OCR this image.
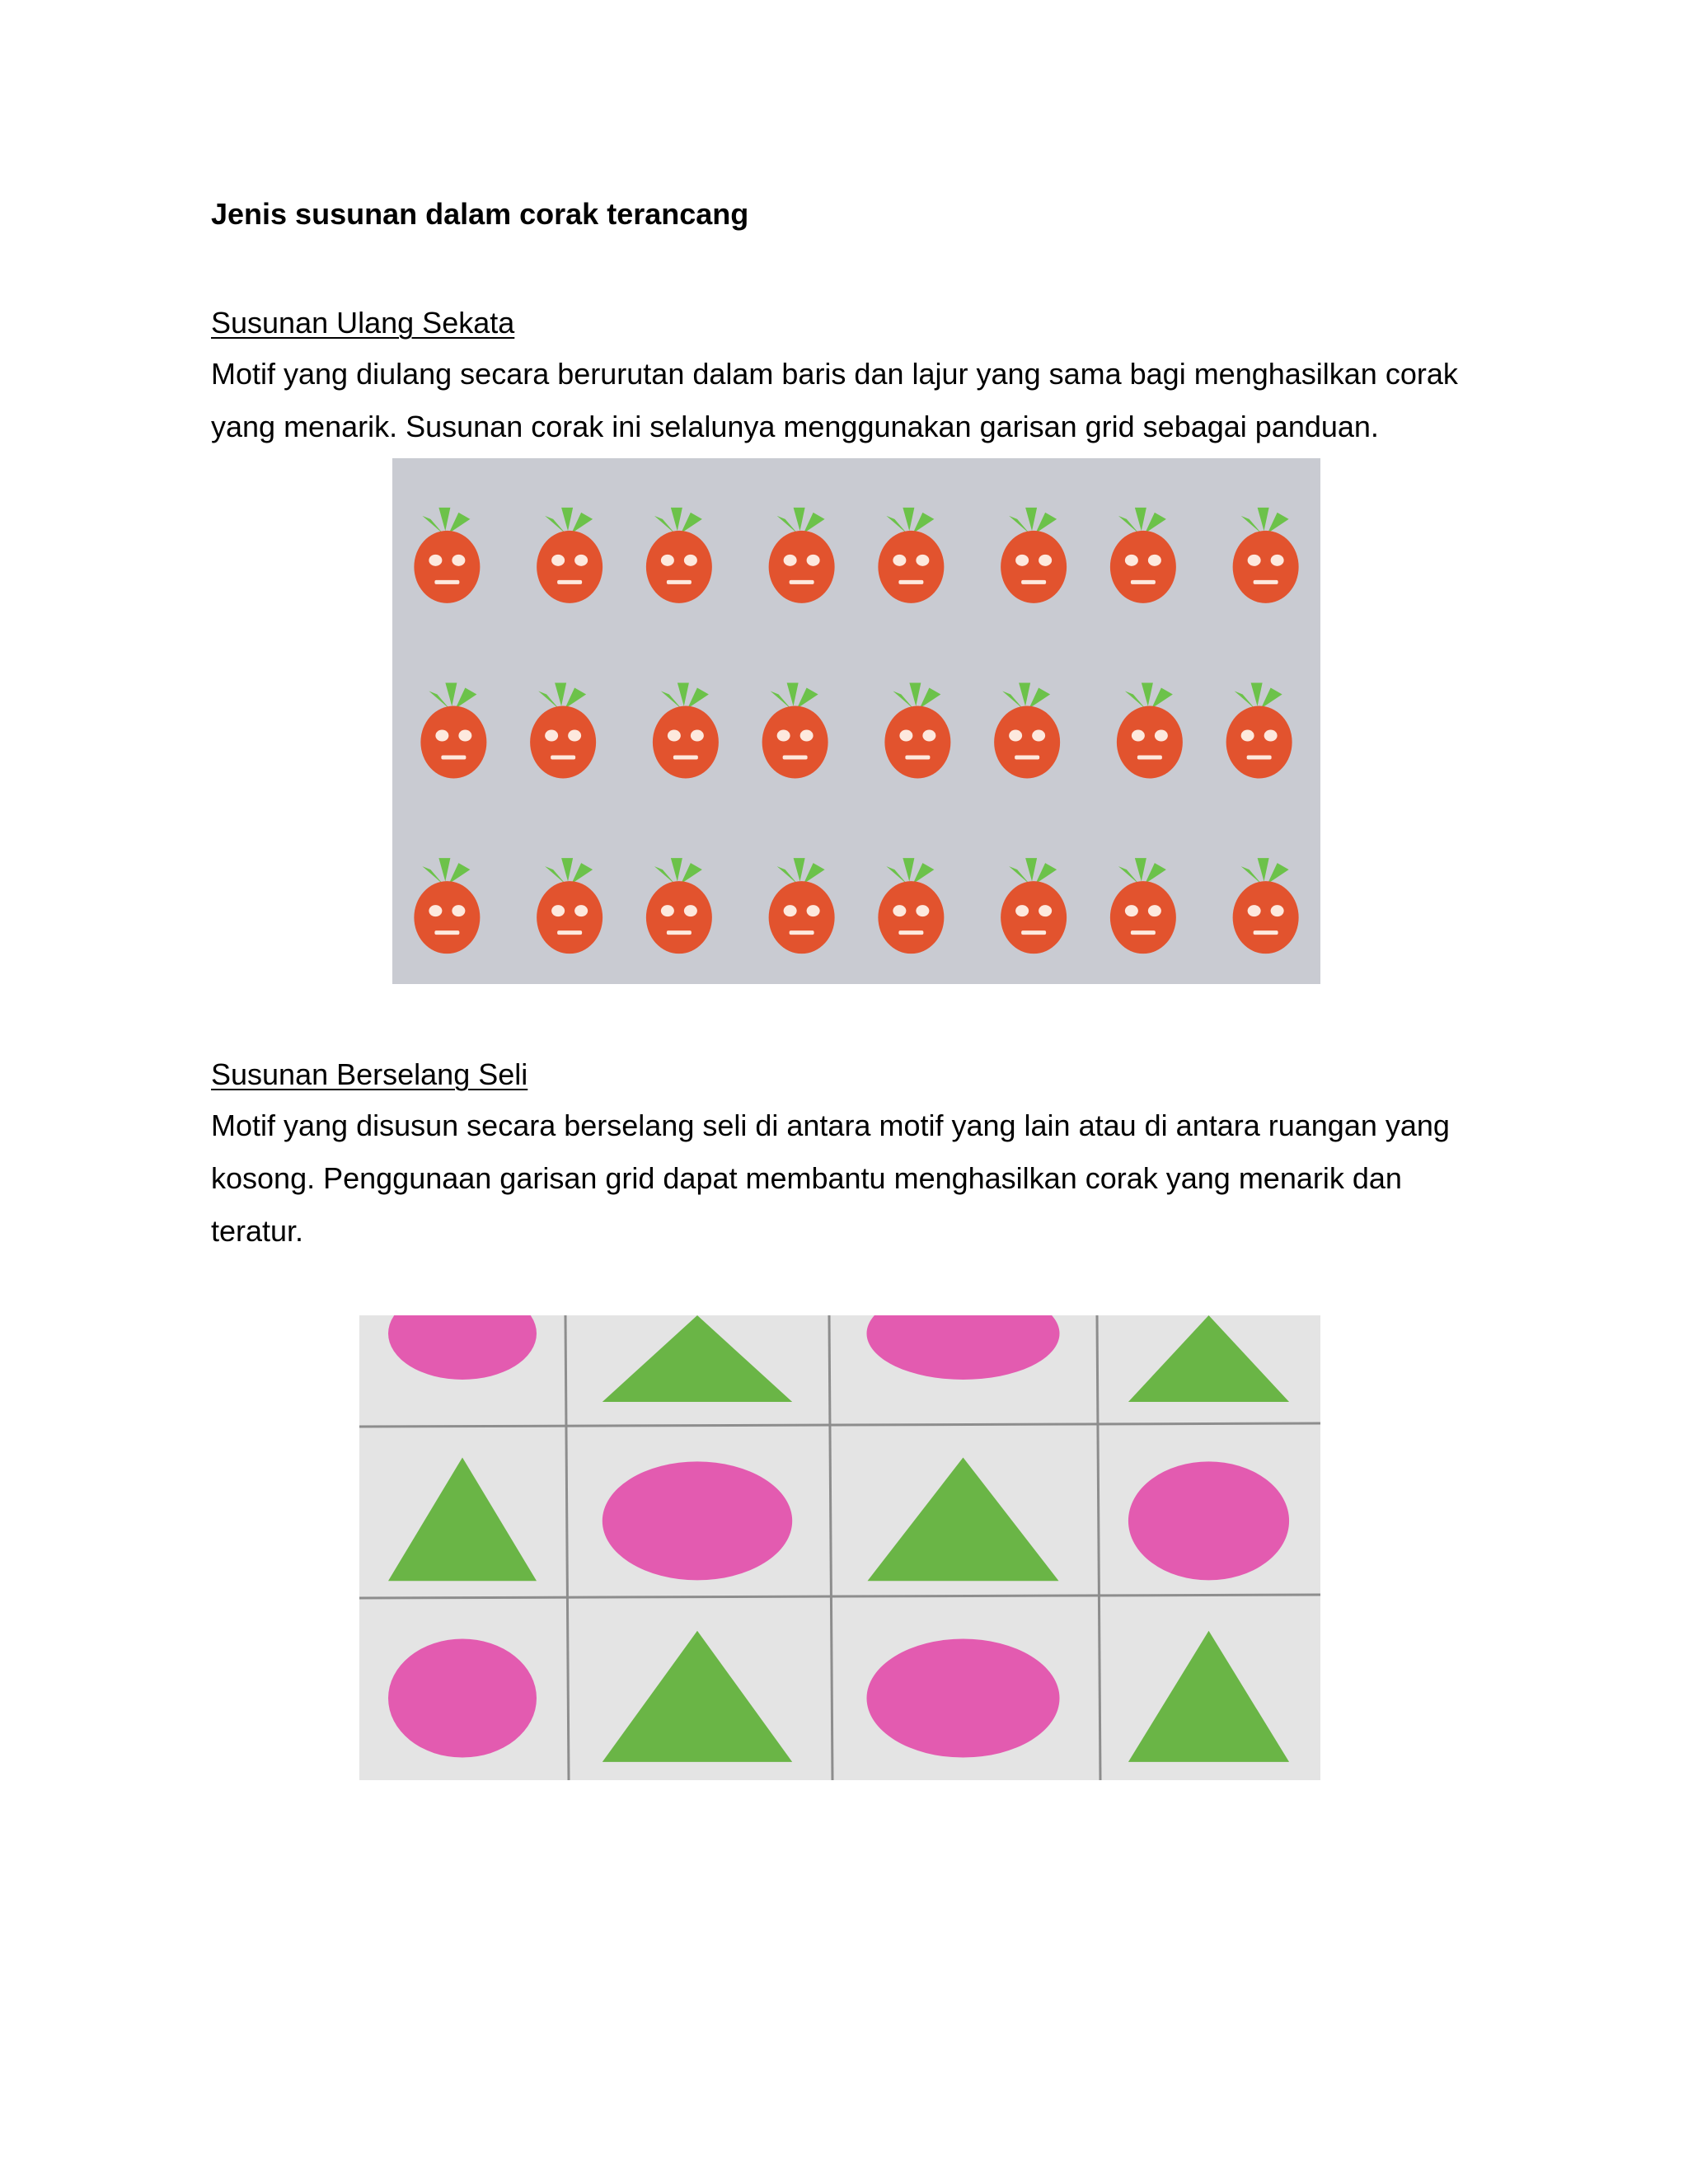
Jenis susunan dalam corak terancang
Susunan Ulang Sekata
Motif yang diulang secara berurutan dalam baris dan lajur yang sama bagi menghasilkan corak
yang menarik. Susunan corak ini selalunya menggunakan garisan grid sebagai panduan.
Susunan Berselang Seli
Motif yang disusun secara berselang seli di antara motif yang lain atau di antara ruangan yang
kosong. Penggunaan garisan grid dapat membantu menghasilkan corak yang menarik dan
teratur.
